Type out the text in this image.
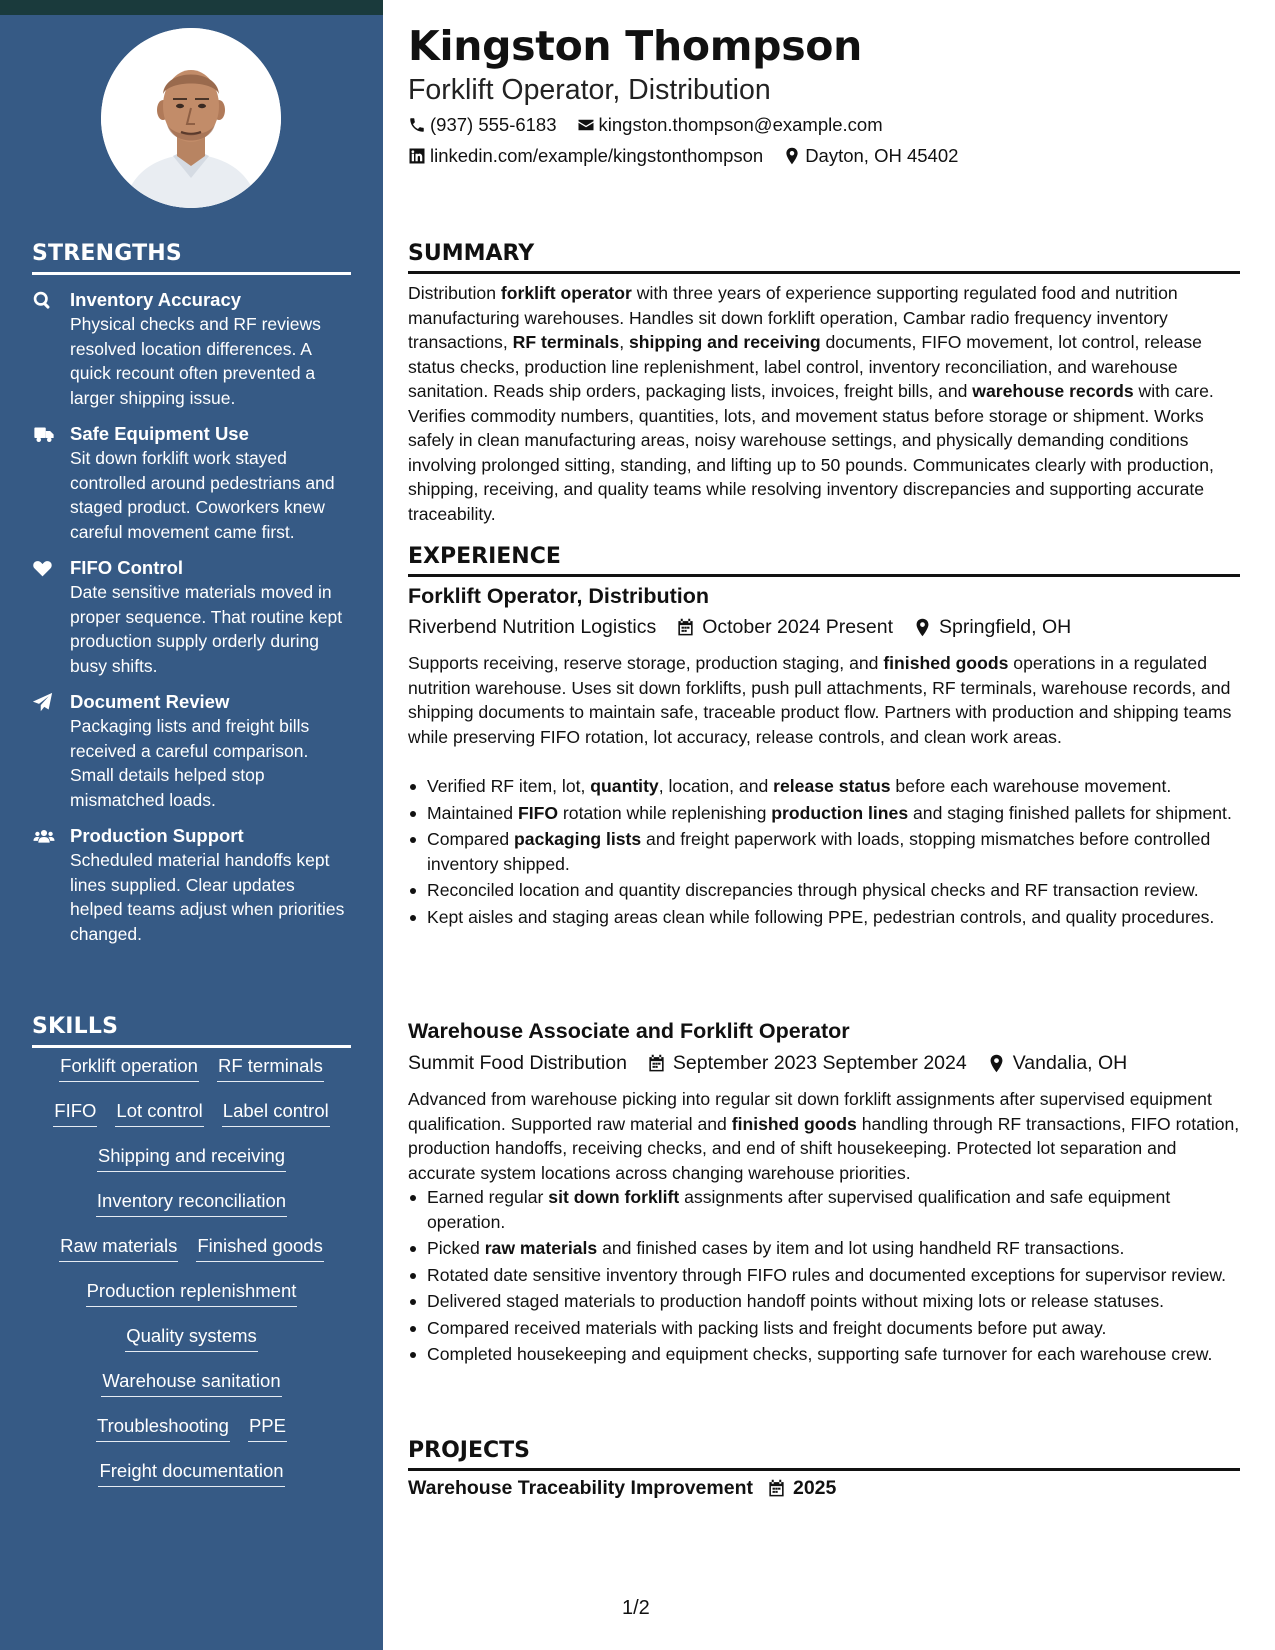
STRENGTHS
Inventory Accuracy
Physical checks and RF reviews resolved location differences. A quick recount often prevented a larger shipping issue.
Safe Equipment Use
Sit down forklift work stayed controlled around pedestrians and staged product. Coworkers knew careful movement came first.
FIFO Control
Date sensitive materials moved in proper sequence. That routine kept production supply orderly during busy shifts.
Document Review
Packaging lists and freight bills received a careful comparison. Small details helped stop mismatched loads.
Production Support
Scheduled material handoffs kept lines supplied. Clear updates helped teams adjust when priorities changed.
SKILLS
Forklift operation RF terminals
FIFO Lot control Label control
Shipping and receiving
Inventory reconciliation
Raw materials Finished goods
Production replenishment
Quality systems
Warehouse sanitation
Troubleshooting PPE
Freight documentation
Kingston Thompson
Forklift Operator, Distribution
(937) 555-6183 kingston.thompson@example.com
linkedin.com/example/kingstonthompson Dayton, OH 45402
SUMMARY
Distribution forklift operator with three years of experience supporting regulated food and nutrition manufacturing warehouses. Handles sit down forklift operation, Cambar radio frequency inventory transactions, RF terminals, shipping and receiving documents, FIFO movement, lot control, release status checks, production line replenishment, label control, inventory reconciliation, and warehouse sanitation. Reads ship orders, packaging lists, invoices, freight bills, and warehouse records with care. Verifies commodity numbers, quantities, lots, and movement status before storage or shipment. Works safely in clean manufacturing areas, noisy warehouse settings, and physically demanding conditions involving prolonged sitting, standing, and lifting up to 50 pounds. Communicates clearly with production, shipping, receiving, and quality teams while resolving inventory discrepancies and supporting accurate traceability.
EXPERIENCE
Forklift Operator, Distribution
Riverbend Nutrition Logistics October 2024 Present Springfield, OH
Supports receiving, reserve storage, production staging, and finished goods operations in a regulated nutrition warehouse. Uses sit down forklifts, push pull attachments, RF terminals, warehouse records, and shipping documents to maintain safe, traceable product flow. Partners with production and shipping teams while preserving FIFO rotation, lot accuracy, release controls, and clean work areas.
Verified RF item, lot, quantity, location, and release status before each warehouse movement.
Maintained FIFO rotation while replenishing production lines and staging finished pallets for shipment.
Compared packaging lists and freight paperwork with loads, stopping mismatches before controlled inventory shipped.
Reconciled location and quantity discrepancies through physical checks and RF transaction review.
Kept aisles and staging areas clean while following PPE, pedestrian controls, and quality procedures.
Warehouse Associate and Forklift Operator
Summit Food Distribution September 2023 September 2024 Vandalia, OH
Advanced from warehouse picking into regular sit down forklift assignments after supervised equipment qualification. Supported raw material and finished goods handling through RF transactions, FIFO rotation, production handoffs, receiving checks, and end of shift housekeeping. Protected lot separation and accurate system locations across changing warehouse priorities.
Earned regular sit down forklift assignments after supervised qualification and safe equipment operation.
Picked raw materials and finished cases by item and lot using handheld RF transactions.
Rotated date sensitive inventory through FIFO rules and documented exceptions for supervisor review.
Delivered staged materials to production handoff points without mixing lots or release statuses.
Compared received materials with packing lists and freight documents before put away.
Completed housekeeping and equipment checks, supporting safe turnover for each warehouse crew.
PROJECTS
Warehouse Traceability Improvement 2025
1/2
